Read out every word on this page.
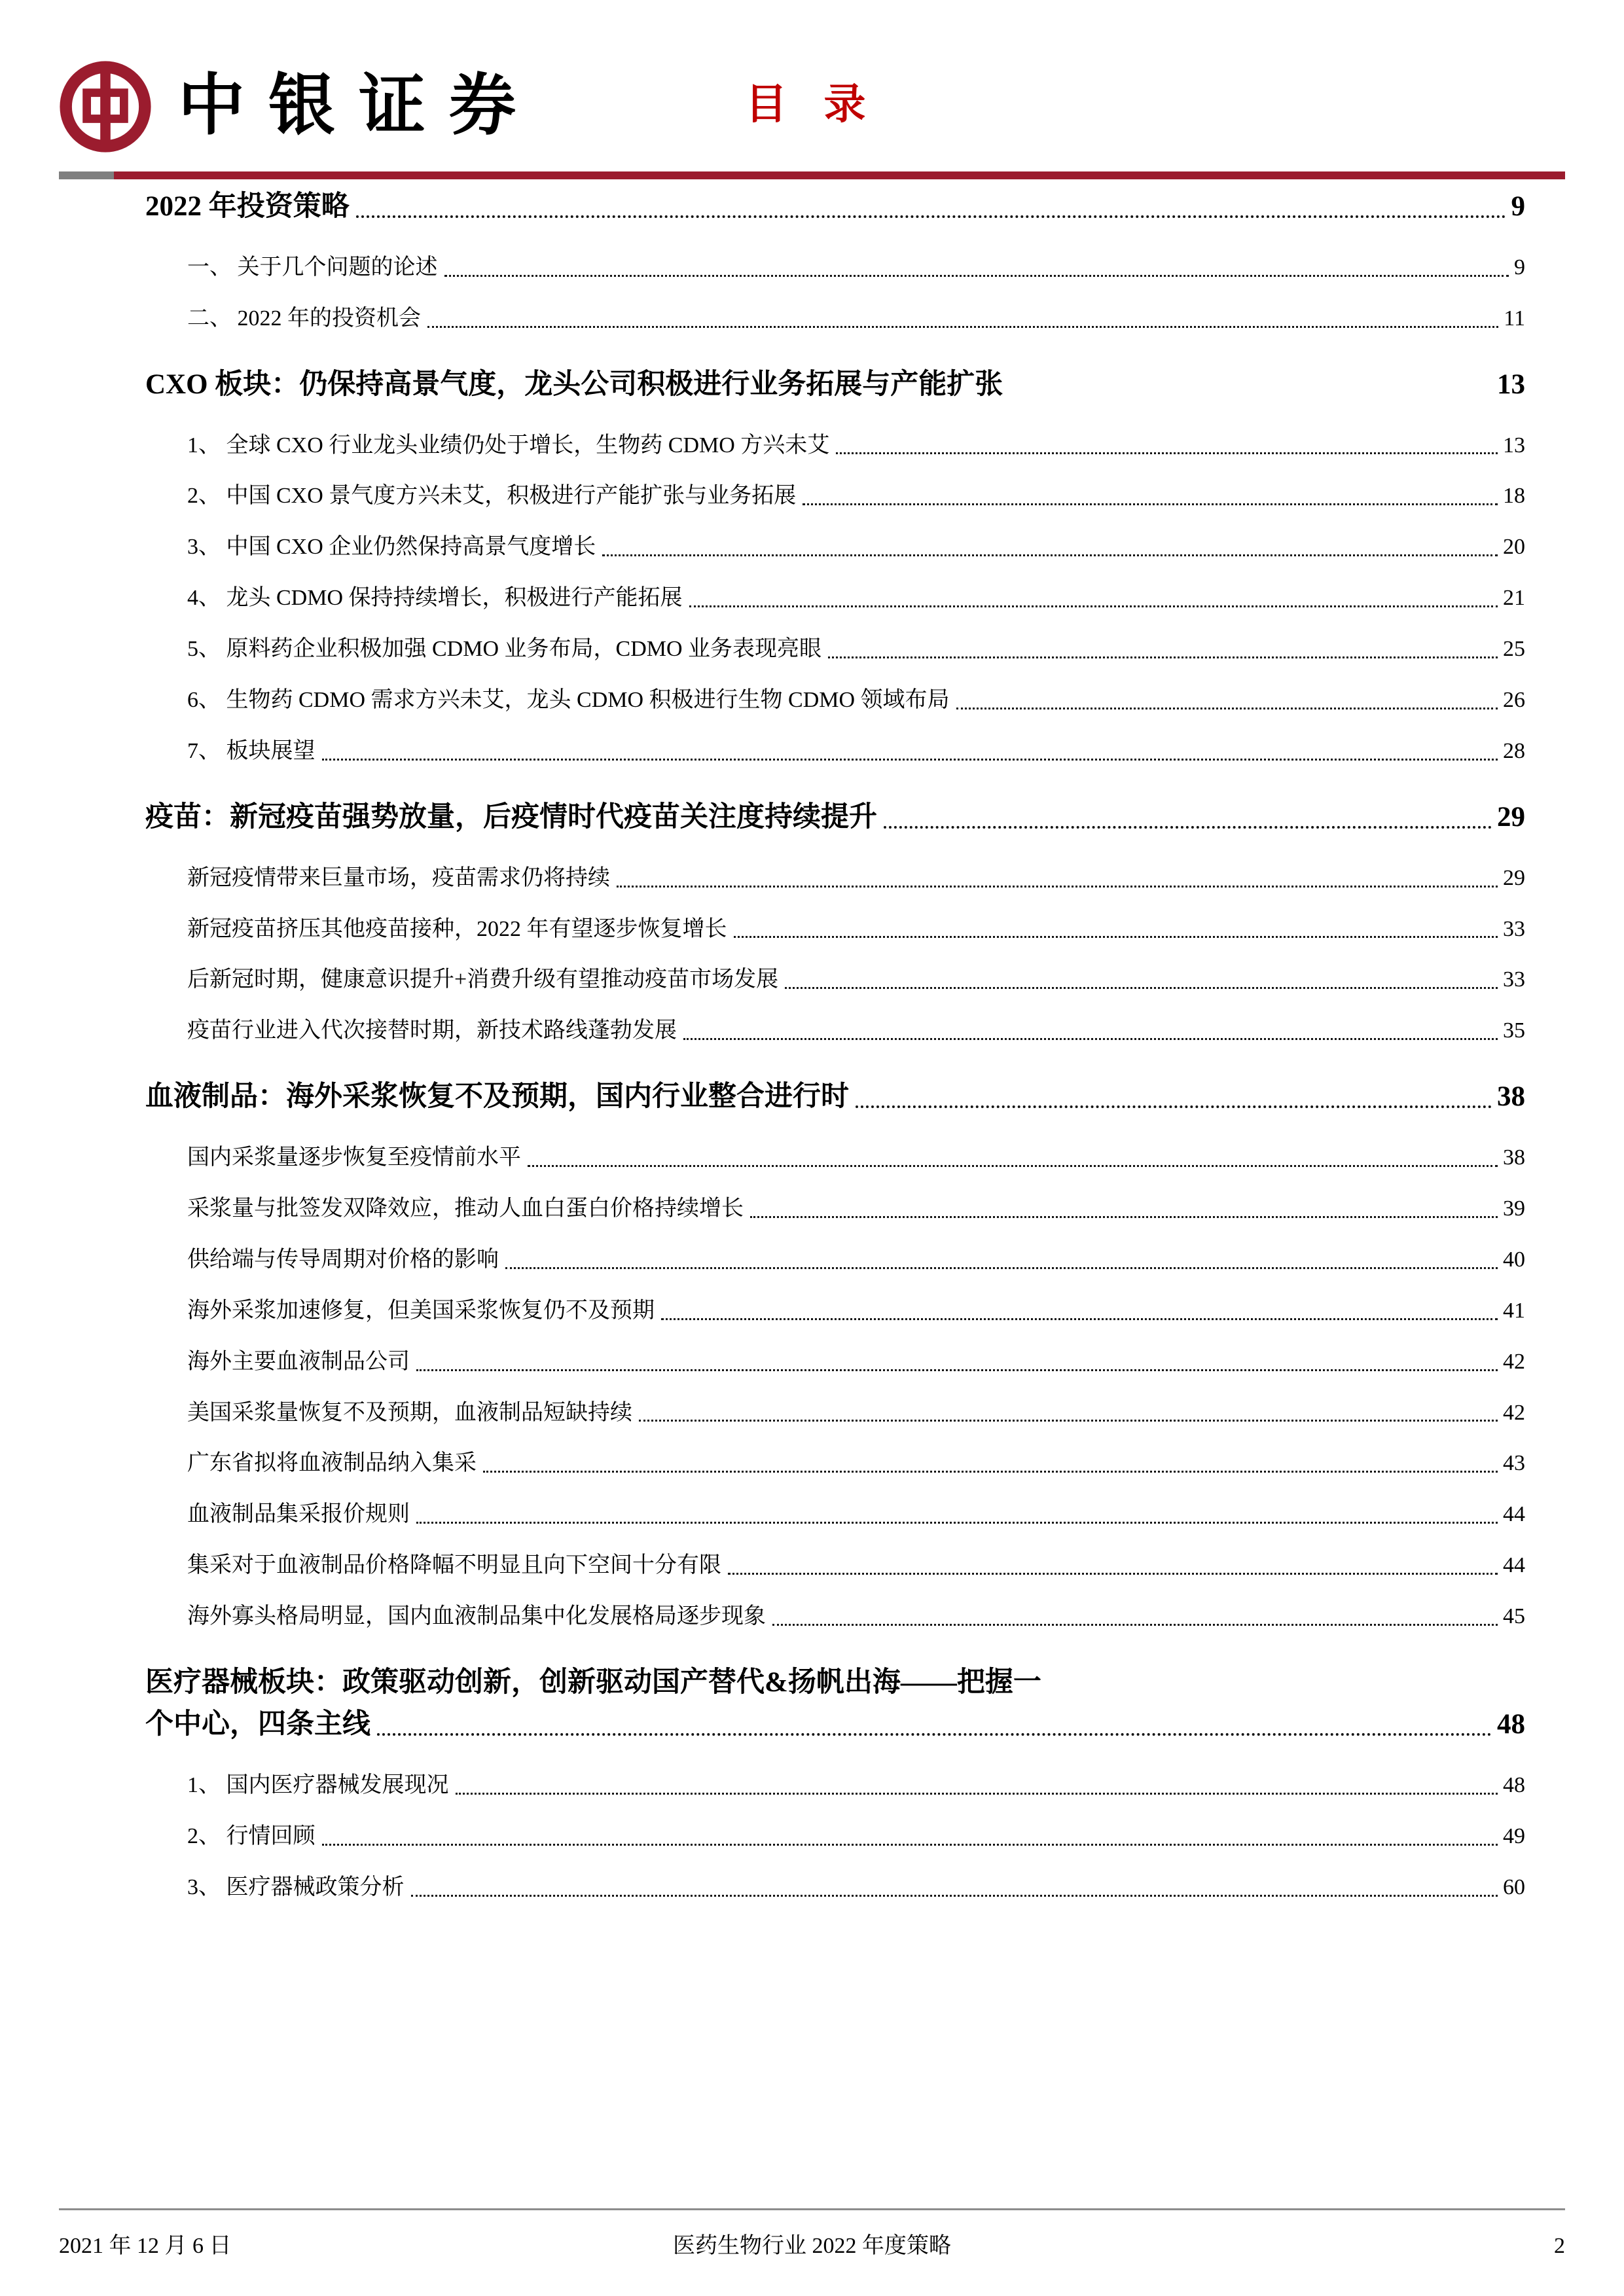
中银证券	目 录
2022 年投资策略	9
一、 关于几个问题的论述	9
二、 2022 年的投资机会	11
CXO 板块：仍保持高景气度，龙头公司积极进行业务拓展与产能扩张	13
1、 全球 CXO 行业龙头业绩仍处于增长，生物药 CDMO 方兴未艾	13
2、 中国 CXO 景气度方兴未艾，积极进行产能扩张与业务拓展	18
3、 中国 CXO 企业仍然保持高景气度增长	20
4、 龙头 CDMO 保持持续增长，积极进行产能拓展	21
5、 原料药企业积极加强 CDMO 业务布局，CDMO 业务表现亮眼	25
6、 生物药 CDMO 需求方兴未艾，龙头 CDMO 积极进行生物 CDMO 领域布局	26
7、 板块展望	28
疫苗：新冠疫苗强势放量，后疫情时代疫苗关注度持续提升	29
新冠疫情带来巨量市场，疫苗需求仍将持续	29
新冠疫苗挤压其他疫苗接种，2022 年有望逐步恢复增长	33
后新冠时期，健康意识提升+消费升级有望推动疫苗市场发展	33
疫苗行业进入代次接替时期，新技术路线蓬勃发展	35
血液制品：海外采浆恢复不及预期，国内行业整合进行时	38
国内采浆量逐步恢复至疫情前水平	38
采浆量与批签发双降效应，推动人血白蛋白价格持续增长	39
供给端与传导周期对价格的影响	40
海外采浆加速修复，但美国采浆恢复仍不及预期	41
海外主要血液制品公司	42
美国采浆量恢复不及预期，血液制品短缺持续	42
广东省拟将血液制品纳入集采	43
血液制品集采报价规则	44
集采对于血液制品价格降幅不明显且向下空间十分有限	44
海外寡头格局明显，国内血液制品集中化发展格局逐步现象	45
医疗器械板块：政策驱动创新，创新驱动国产替代&扬帆出海——把握一
个中心，四条主线	48
1、 国内医疗器械发展现况	48
2、 行情回顾	49
3、 医疗器械政策分析	60
2021 年 12 月 6 日	医药生物行业 2022 年度策略	2
